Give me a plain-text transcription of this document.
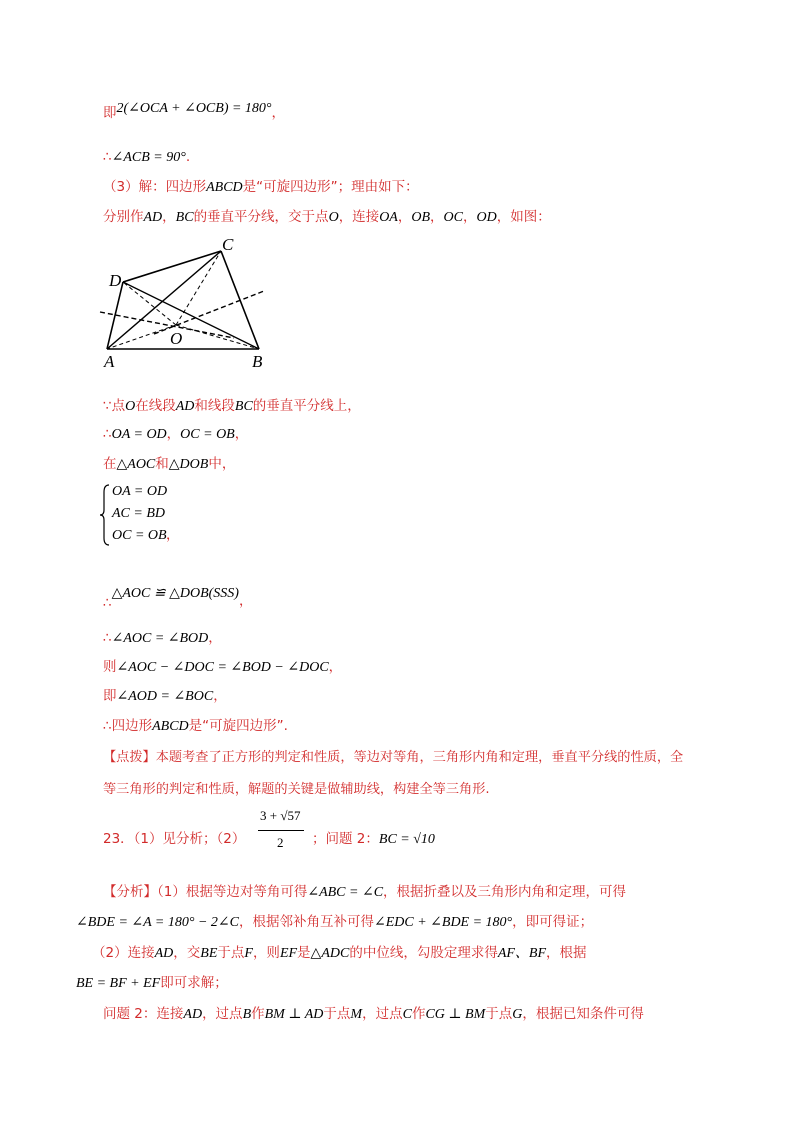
即2(∠OCA + ∠OCB) = 180°，
∴∠ACB = 90°.
（3）解：四边形ABCD是“可旋四边形”；理由如下：
分别作AD，BC的垂直平分线，交于点O，连接OA，OB，OC，OD，如图：
A	B
C
D
O
∵点O在线段AD和线段BC的垂直平分线上，
∴OA = OD，OC = OB，
在△AOC和△DOB中，
OA = OD
AC = BD
OC = OB ，
∴△AOC ≌ △DOB(SSS)，
∴∠AOC = ∠BOD，
则∠AOC − ∠DOC = ∠BOD − ∠DOC，
即∠AOD = ∠BOC，
∴四边形ABCD是“可旋四边形”.
【点拨】本题考查了正方形的判定和性质，等边对等角，三角形内角和定理，垂直平分线的性质，全
等三角形的判定和性质，解题的关键是做辅助线，构建全等三角形.
23．（1）见分析；（2）
3 + √57
2 ；问题 2：BC = √10
【分析】（1）根据等边对等角可得∠ABC = ∠C，根据折叠以及三角形内角和定理，可得
∠BDE = ∠A = 180° − 2∠C，根据邻补角互补可得∠EDC + ∠BDE = 180°，即可得证；
（2）连接AD，交BE于点F，则EF是△ADC的中位线，勾股定理求得AF、BF，根据
BE = BF + EF即可求解；
问题 2：连接AD，过点B作BM ⊥ AD于点M，过点C作CG ⊥ BM于点G，根据已知条件可得
